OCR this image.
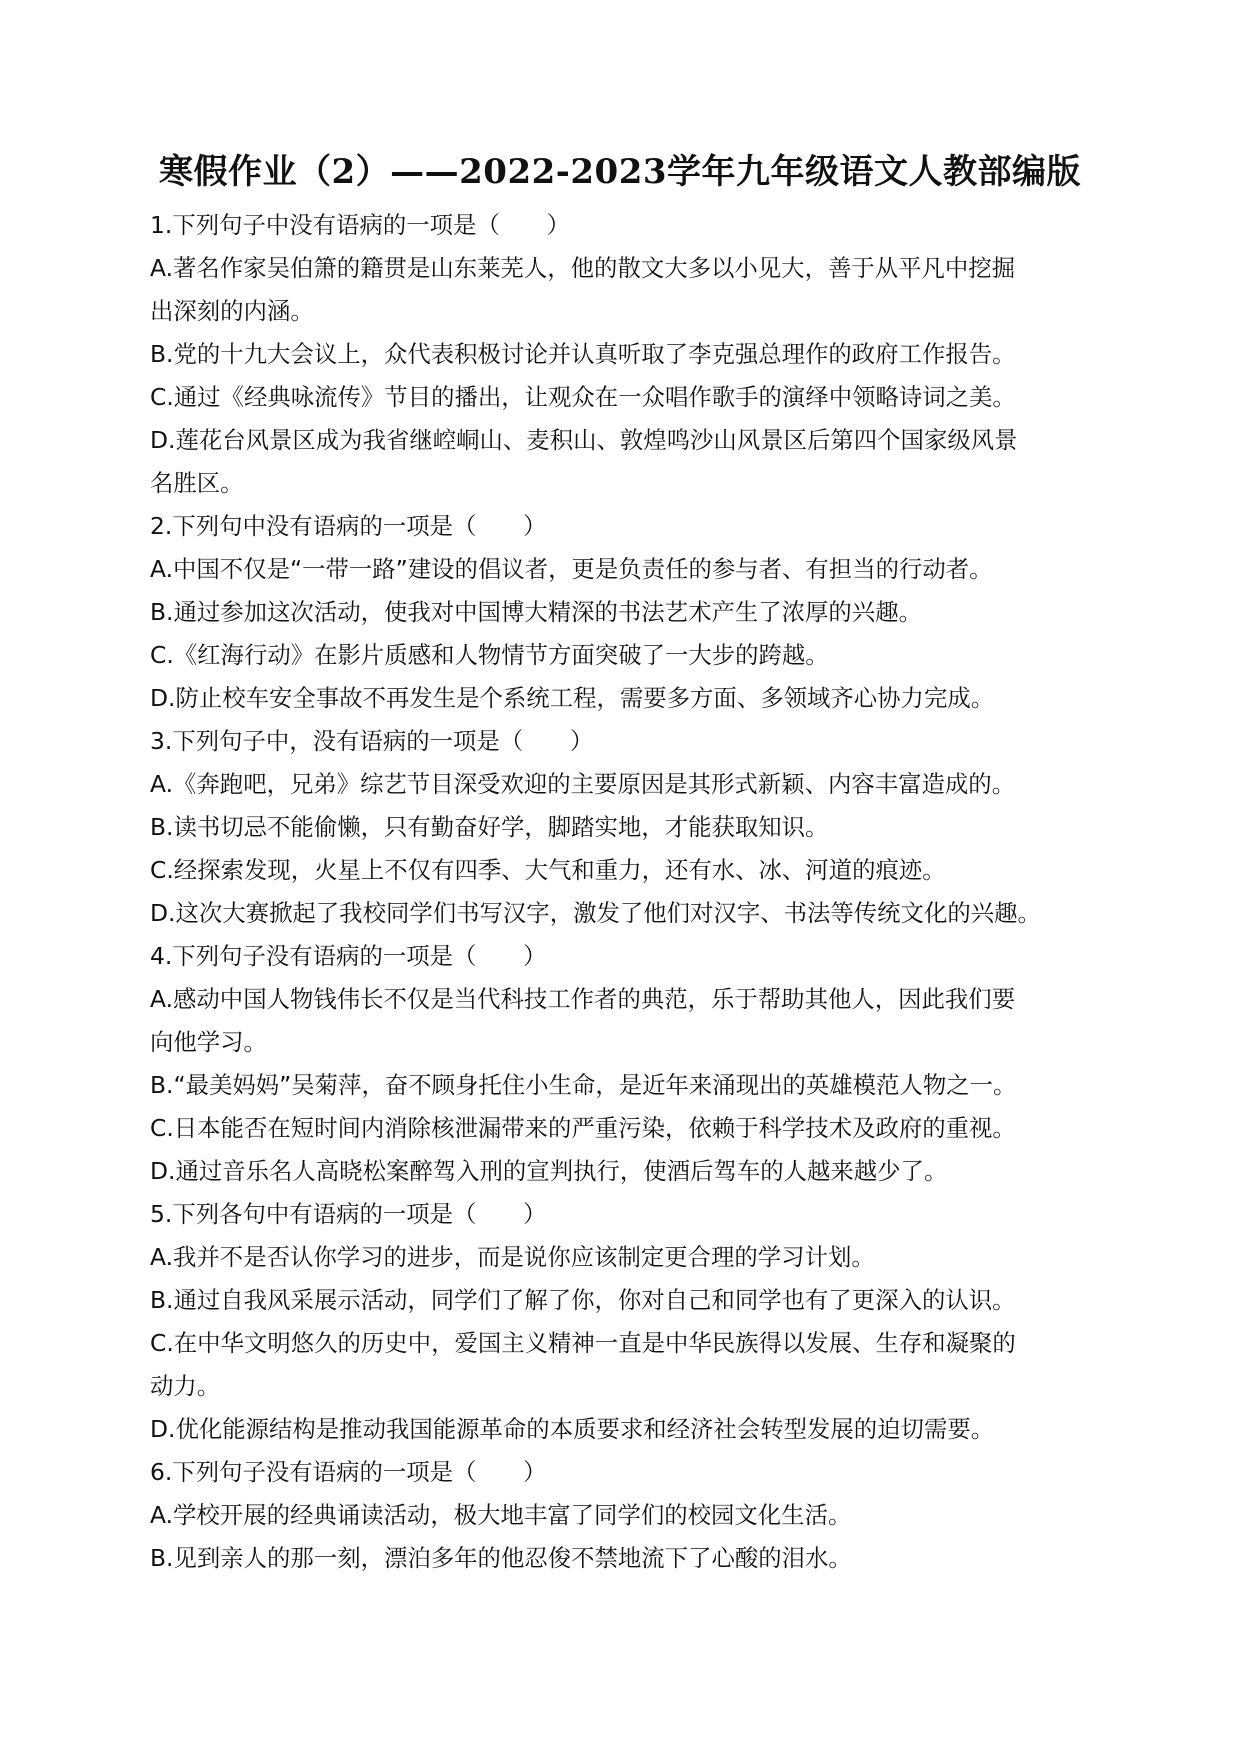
寒假作业（2）——2022-2023学年九年级语文人教部编版
1.下列句子中没有语病的一项是（　　）
A.著名作家吴伯箫的籍贯是山东莱芜人，他的散文大多以小见大，善于从平凡中挖掘
出深刻的内涵。
B.党的十九大会议上，众代表积极讨论并认真听取了李克强总理作的政府工作报告。
C.通过《经典咏流传》节目的播出，让观众在一众唱作歌手的演绎中领略诗词之美。
D.莲花台风景区成为我省继崆峒山、麦积山、敦煌鸣沙山风景区后第四个国家级风景
名胜区。
2.下列句中没有语病的一项是（　　）
A.中国不仅是“一带一路”建设的倡议者，更是负责任的参与者、有担当的行动者。
B.通过参加这次活动，使我对中国博大精深的书法艺术产生了浓厚的兴趣。
C.《红海行动》在影片质感和人物情节方面突破了一大步的跨越。
D.防止校车安全事故不再发生是个系统工程，需要多方面、多领域齐心协力完成。
3.下列句子中，没有语病的一项是（　　）
A.《奔跑吧，兄弟》综艺节目深受欢迎的主要原因是其形式新颖、内容丰富造成的。
B.读书切忌不能偷懒，只有勤奋好学，脚踏实地，才能获取知识。
C.经探索发现，火星上不仅有四季、大气和重力，还有水、冰、河道的痕迹。
D.这次大赛掀起了我校同学们书写汉字，激发了他们对汉字、书法等传统文化的兴趣。
4.下列句子没有语病的一项是（　　）
A.感动中国人物钱伟长不仅是当代科技工作者的典范，乐于帮助其他人，因此我们要
向他学习。
B.“最美妈妈”吴菊萍，奋不顾身托住小生命，是近年来涌现出的英雄模范人物之一。
C.日本能否在短时间内消除核泄漏带来的严重污染，依赖于科学技术及政府的重视。
D.通过音乐名人高晓松案醉驾入刑的宣判执行，使酒后驾车的人越来越少了。
5.下列各句中有语病的一项是（　　）
A.我并不是否认你学习的进步，而是说你应该制定更合理的学习计划。
B.通过自我风采展示活动，同学们了解了你，你对自己和同学也有了更深入的认识。
C.在中华文明悠久的历史中，爱国主义精神一直是中华民族得以发展、生存和凝聚的
动力。
D.优化能源结构是推动我国能源革命的本质要求和经济社会转型发展的迫切需要。
6.下列句子没有语病的一项是（　　）
A.学校开展的经典诵读活动，极大地丰富了同学们的校园文化生活。
B.见到亲人的那一刻，漂泊多年的他忍俊不禁地流下了心酸的泪水。
